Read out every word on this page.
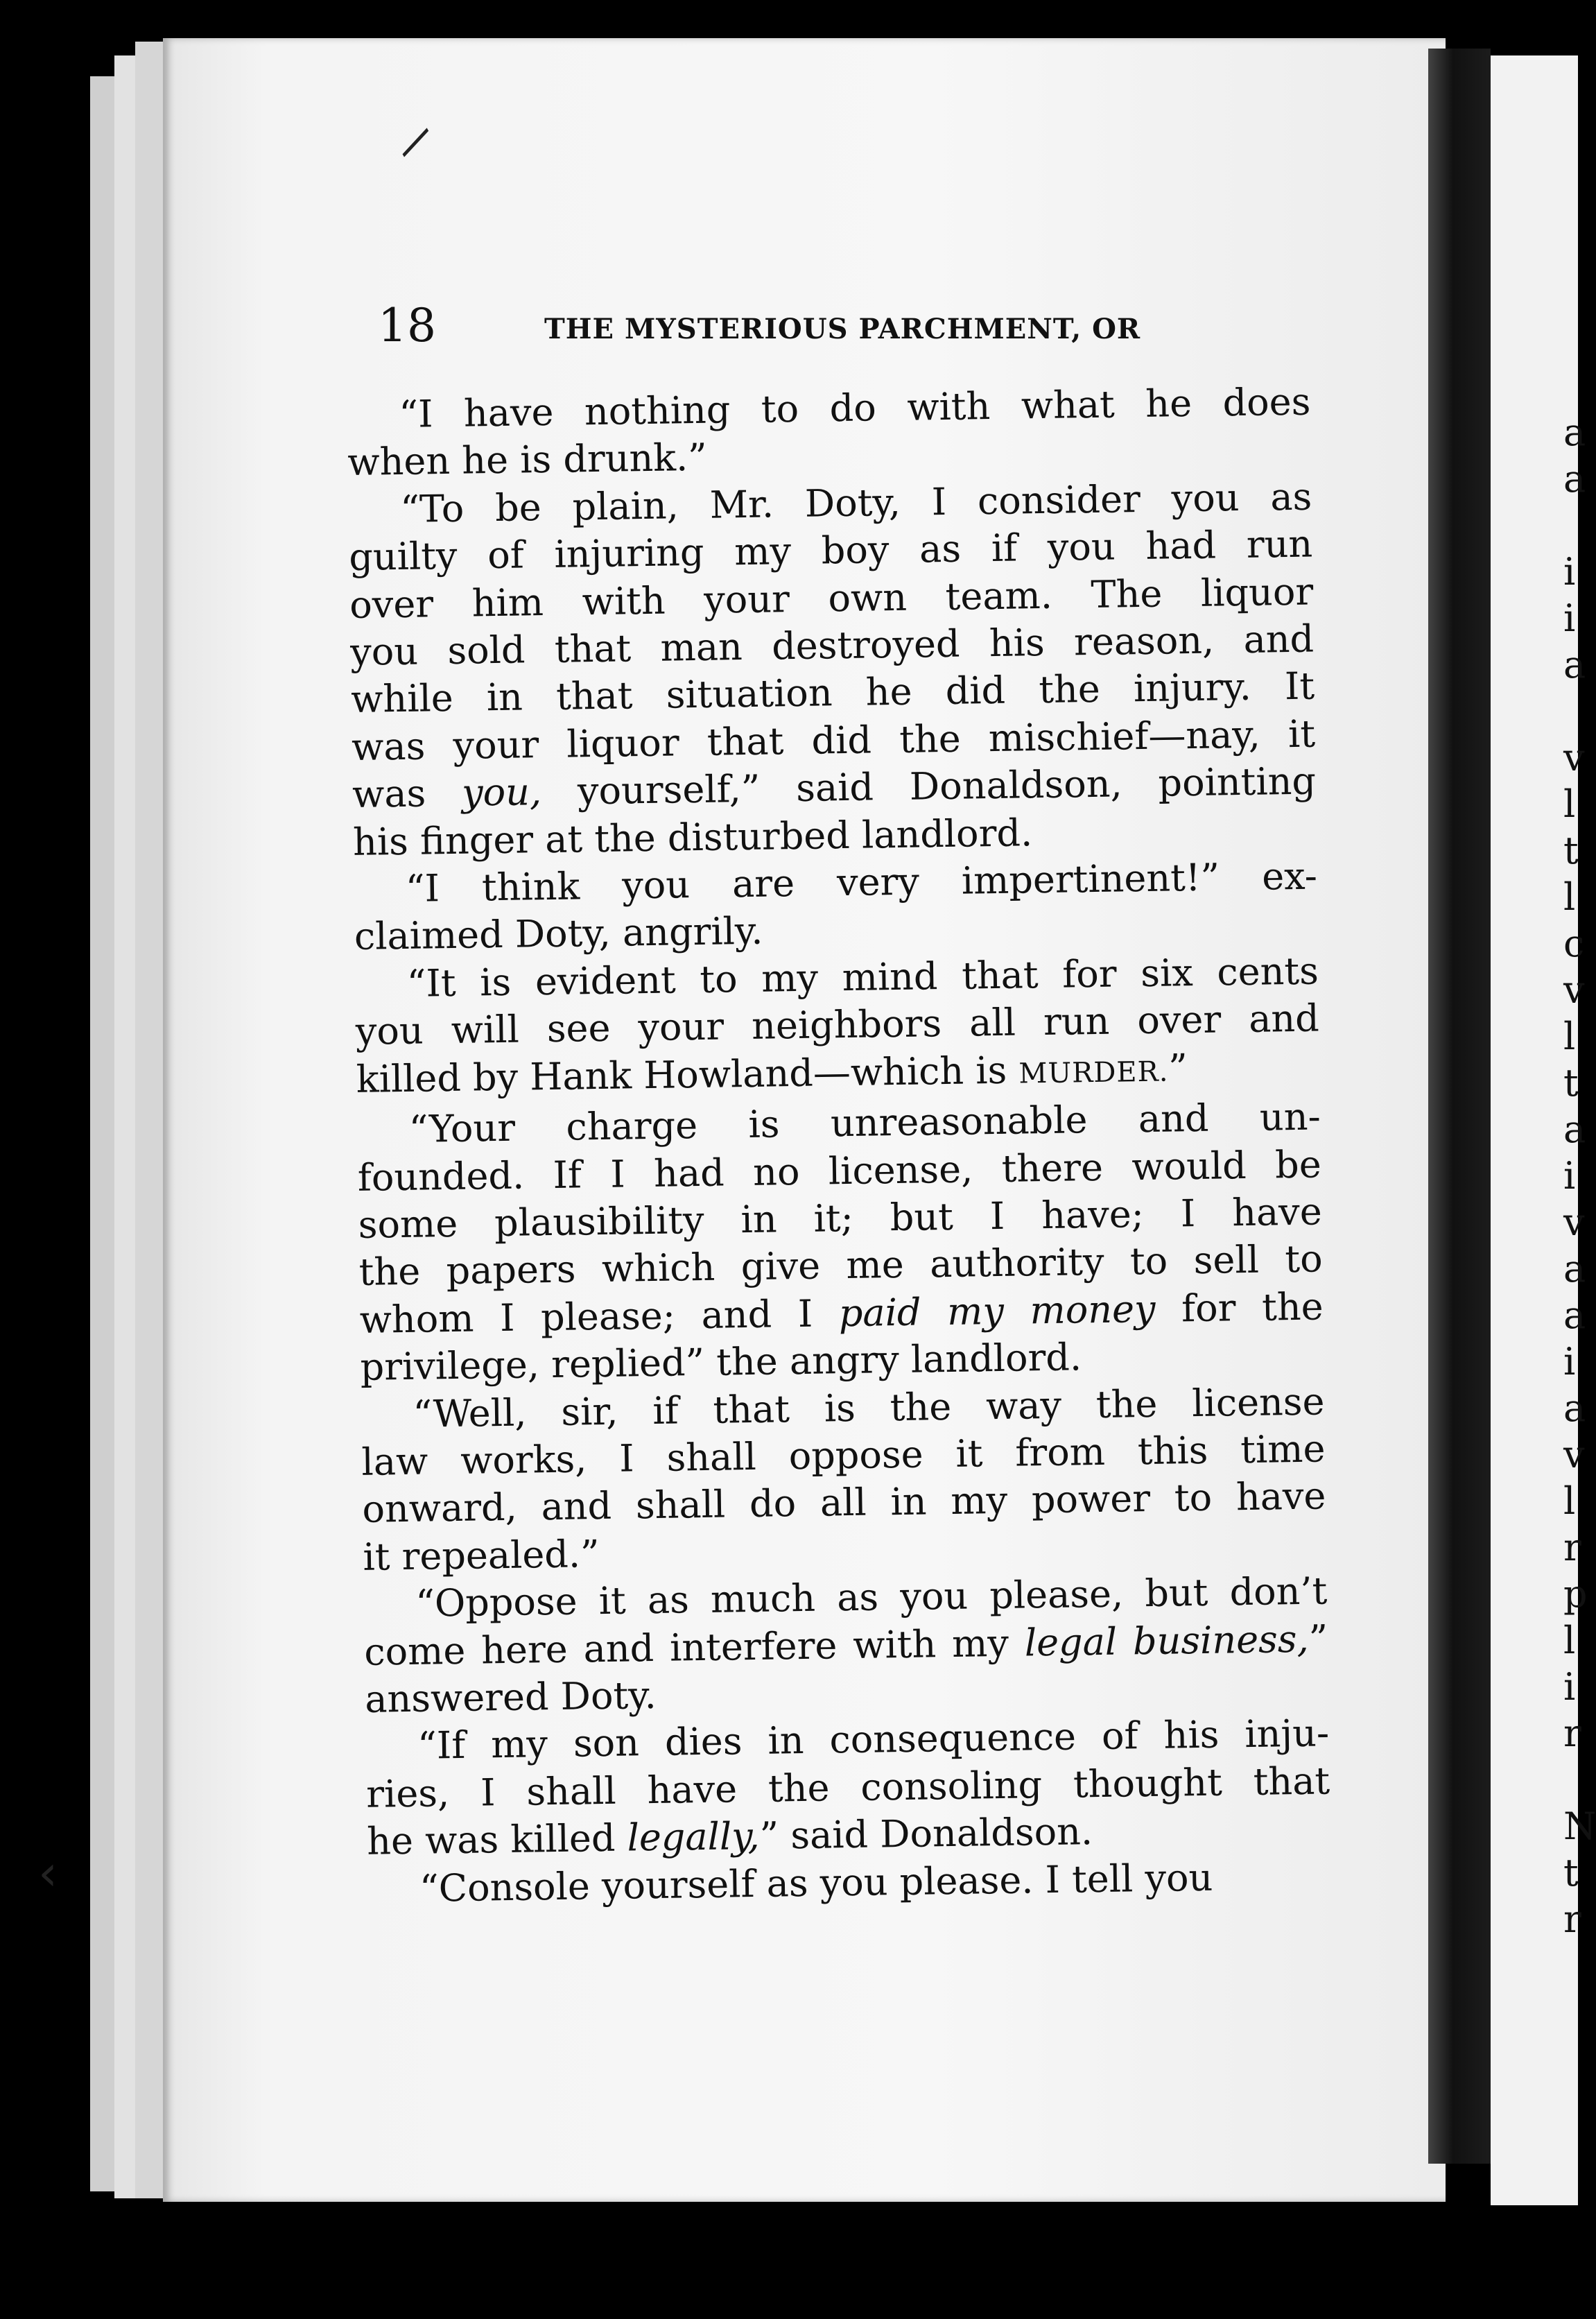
a
a
i
i
a
v
l
t
l
c
v
l
t
a
i
v
a
a
i
a
v
l
r
p
l
i
r
N
t
r
18	THE MYSTERIOUS PARCHMENT, OR
“I have nothing to do with what he does
when he is drunk.”
“To be plain, Mr. Doty, I consider you as
guilty of injuring my boy as if you had run
over him with your own team. The liquor
you sold that man destroyed his reason, and
while in that situation he did the injury. It
was your liquor that did the mischief—nay, it
was you, yourself,” said Donaldson, pointing
his finger at the disturbed landlord.
“I think you are very impertinent!” ex-
claimed Doty, angrily.
“It is evident to my mind that for six cents
you will see your neighbors all run over and
killed by Hank Howland—which is MURDER.”
“Your charge is unreasonable and un-
founded. If I had no license, there would be
some plausibility in it; but I have; I have
the papers which give me authority to sell to
whom I please; and I paid my money for the
privilege, replied” the angry landlord.
“Well, sir, if that is the way the license
law works, I shall oppose it from this time
onward, and shall do all in my power to have
it repealed.”
“Oppose it as much as you please, but don’t
come here and interfere with my legal business,”
answered Doty.
“If my son dies in consequence of his inju-
ries, I shall have the consoling thought that
he was killed legally,” said Donaldson.
“Console yourself as you please. I tell you
\
‹
